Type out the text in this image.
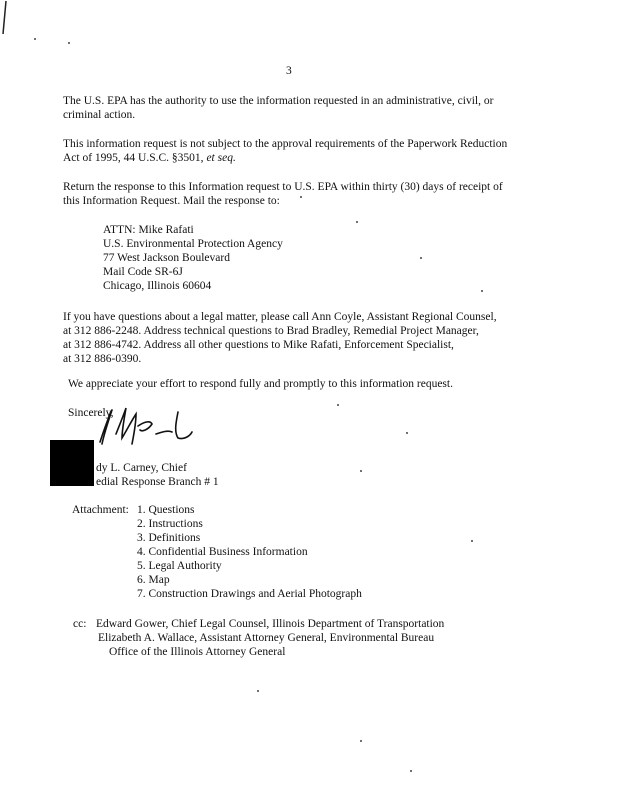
3
The U.S. EPA has the authority to use the information requested in an administrative, civil, or
criminal action.
This information request is not subject to the approval requirements of the Paperwork Reduction
Act of 1995, 44 U.S.C. §3501, et seq.
Return the response to this Information request to U.S. EPA within thirty (30) days of receipt of
this Information Request. Mail the response to:
ATTN: Mike Rafati
U.S. Environmental Protection Agency
77 West Jackson Boulevard
Mail Code SR-6J
Chicago, Illinois 60604
If you have questions about a legal matter, please call Ann Coyle, Assistant Regional Counsel,
at 312 886-2248. Address technical questions to Brad Bradley, Remedial Project Manager,
at 312 886-4742. Address all other questions to Mike Rafati, Enforcement Specialist,
at 312 886-0390.
We appreciate your effort to respond fully and promptly to this information request.
Sincerely,
dy L. Carney, Chief
edial Response Branch # 1
Attachment: 1. Questions
2. Instructions
3. Definitions
4. Confidential Business Information
5. Legal Authority
6. Map
7. Construction Drawings and Aerial Photograph
cc: Edward Gower, Chief Legal Counsel, Illinois Department of Transportation
Elizabeth A. Wallace, Assistant Attorney General, Environmental Bureau
Office of the Illinois Attorney General
